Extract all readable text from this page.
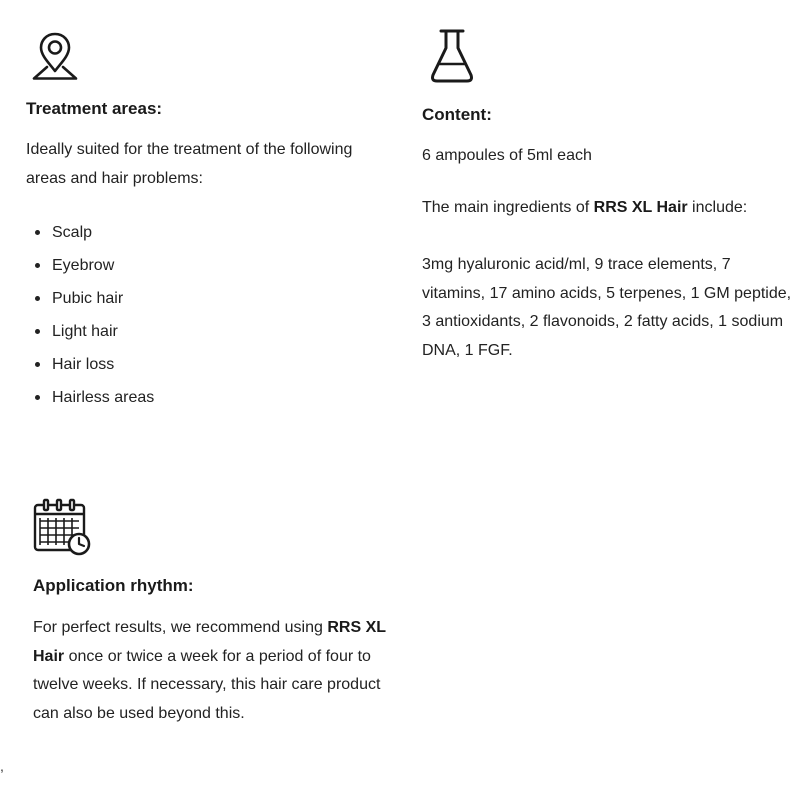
Treatment areas:

Ideally suited for the treatment of the following areas and hair problems:

Scalp
Eyebrow
Pubic hair
Light hair
Hair loss
Hairless areas
Content:

6 ampoules of 5ml each

The main ingredients of RRS XL Hair include:

3mg hyaluronic acid/ml, 9 trace elements, 7 vitamins, 17 amino acids, 5 terpenes, 1 GM peptide, 3 antioxidants, 2 flavonoids, 2 fatty acids, 1 sodium DNA, 1 FGF.

Application rhythm:

For perfect results, we recommend using RRS XL Hair once or twice a week for a period of four to twelve weeks. If necessary, this hair care product can also be used beyond this.

,
